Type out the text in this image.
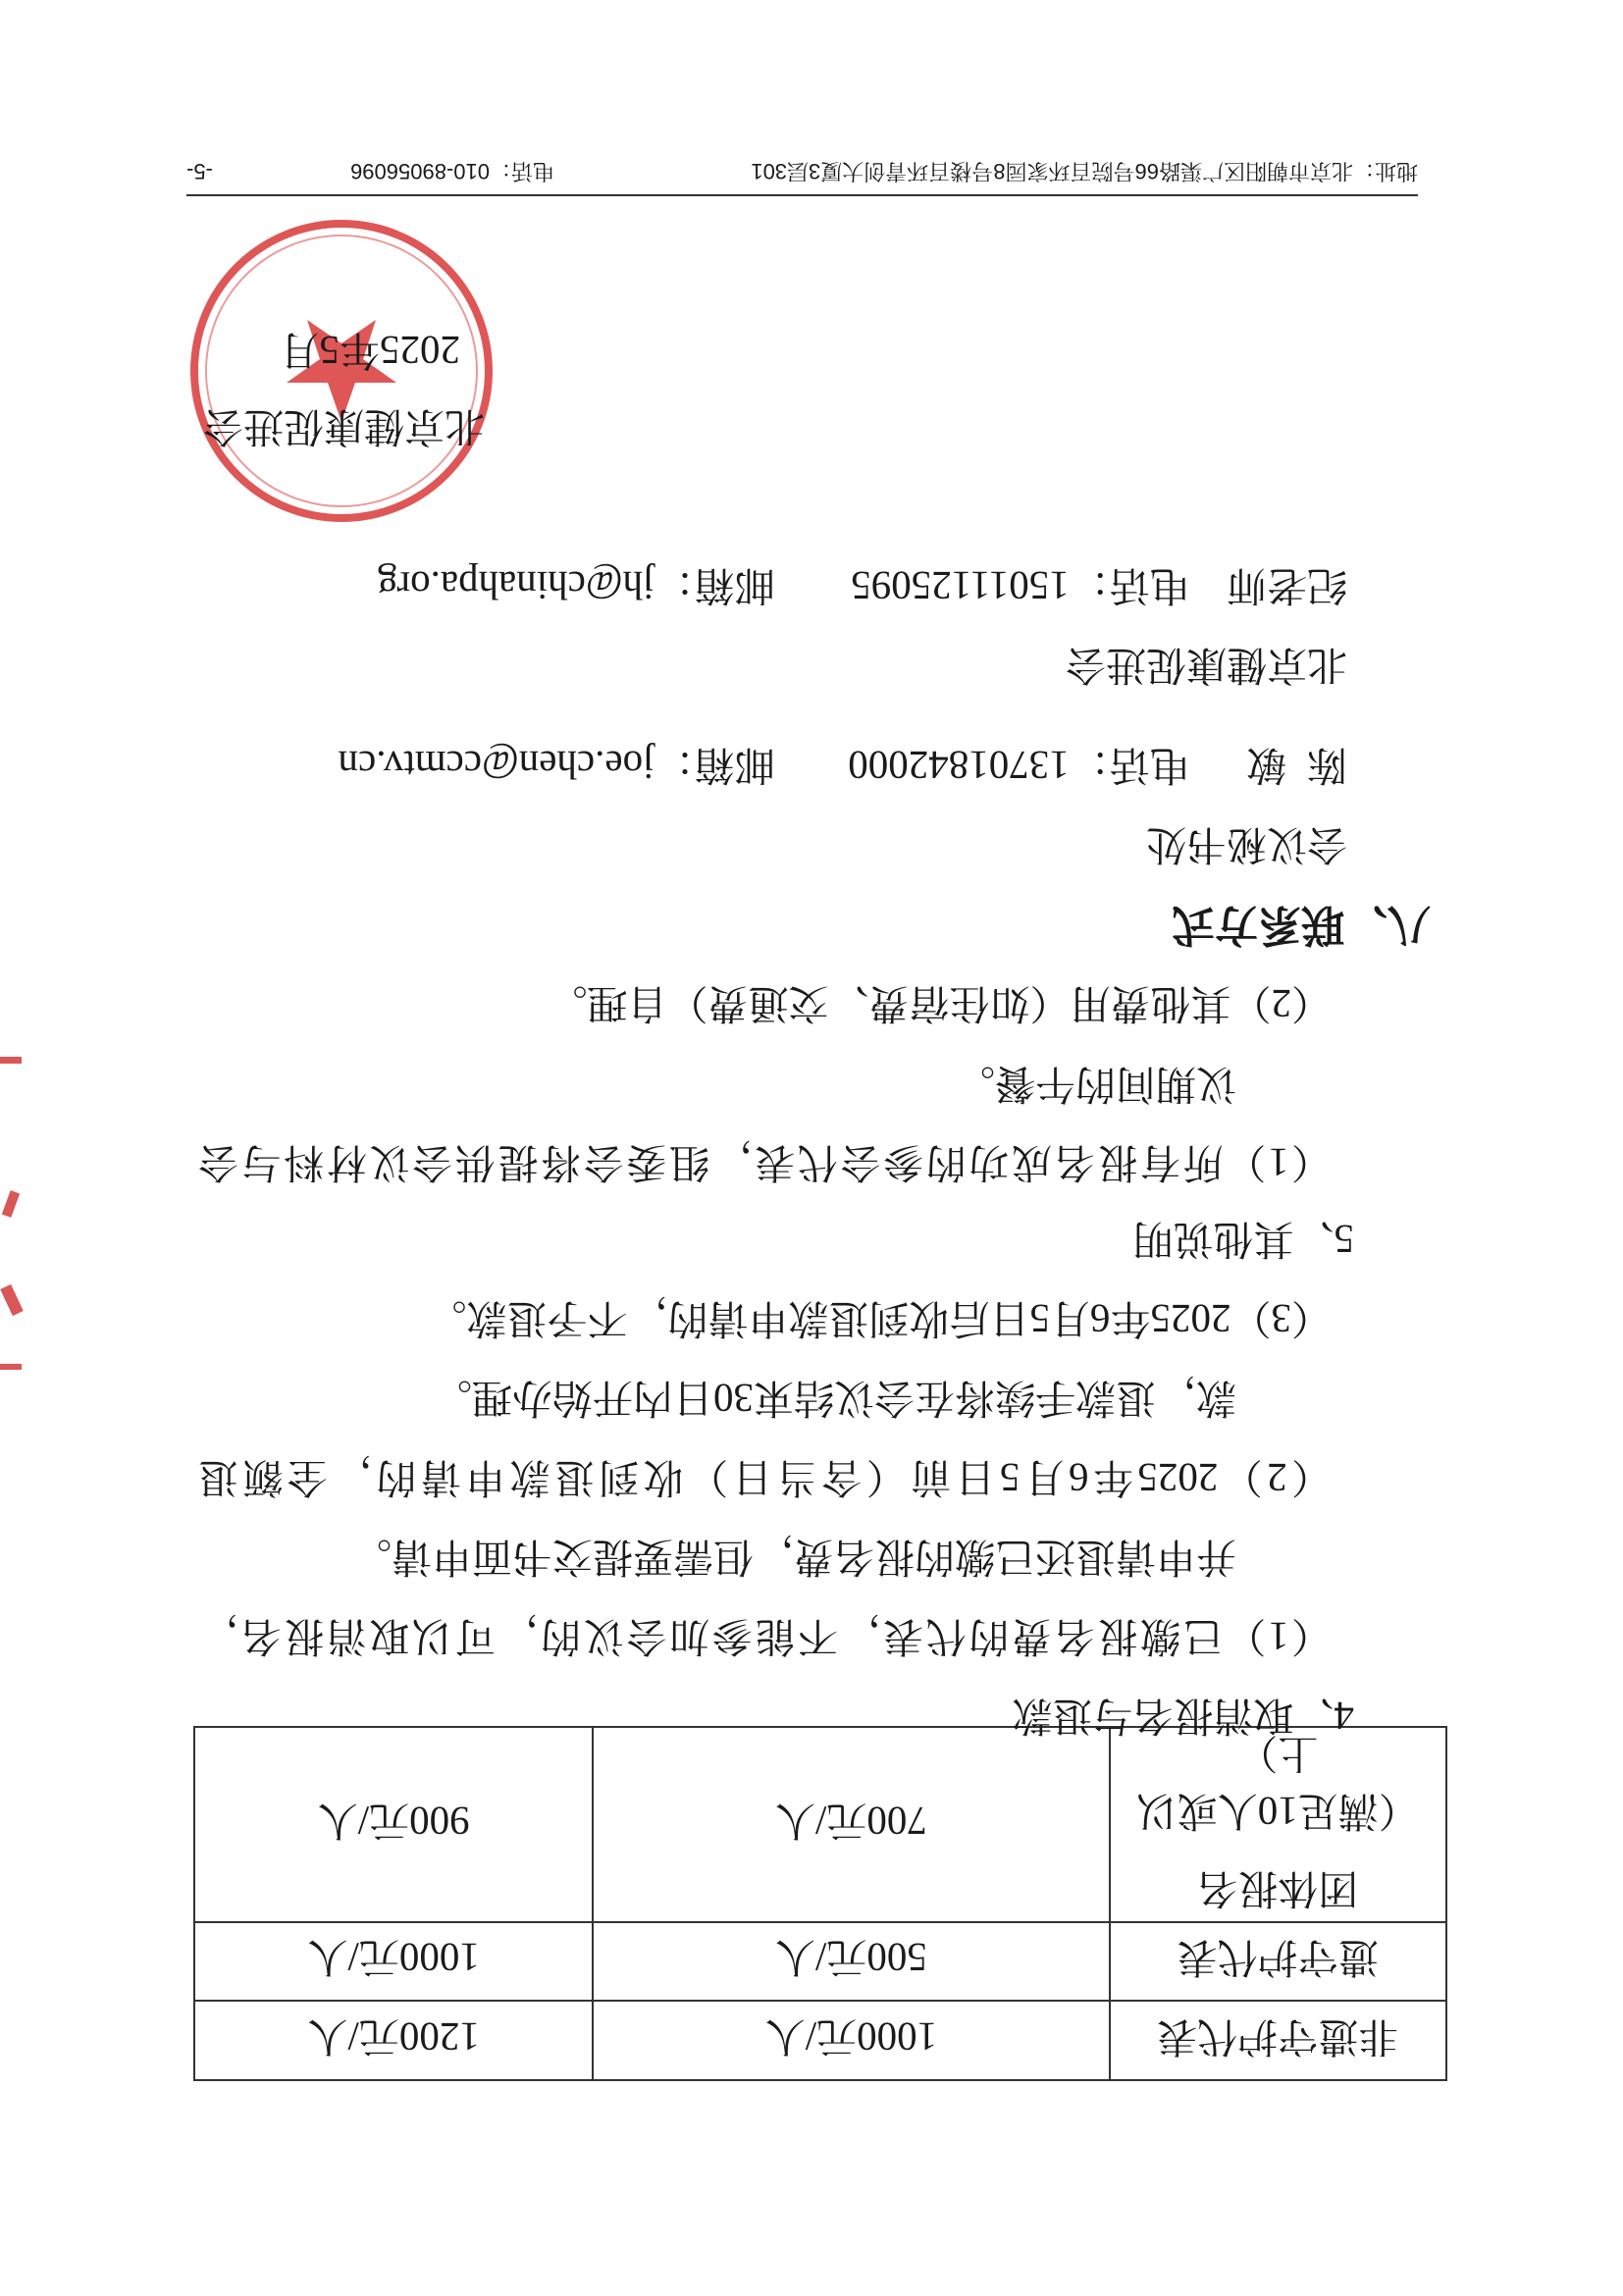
非遗守护代表	1000元/人	1200元/人
遗守护代表	500元/人	1000元/人

团体报名
（满足10人或以上）	700元/人	900元/人
4、取消报名与退款
（1）已缴报名费的代表，不能参加会议的，可以取消报名，
并申请退还已缴的报名费，但需要提交书面申请。
（2）2025年6月5日前（含当日）收到退款申请的，全额退
款，退款手续将在会议结束30日内开始办理。
（3）2025年6月5日后收到退款申请的，不予退款。
5、其他说明
（1）所有报名成功的参会代表，组委会将提供会议材料与会
议期间的午餐。
（2）其他费用（如住宿费、交通费）自理。
八、联系方式
会议秘书处
陈  敏 电话：13701842000 邮箱：joe.chen@ccmtv.cn
北京健康促进会
纪老师 电话：15011125095 邮箱：jh@chinahpa.org
北京健康促进会
2025年5月
地址：北京市朝阳区广渠路66号院百环家园8号楼百环青创大厦3层301
电话：010-89056096
-5-
